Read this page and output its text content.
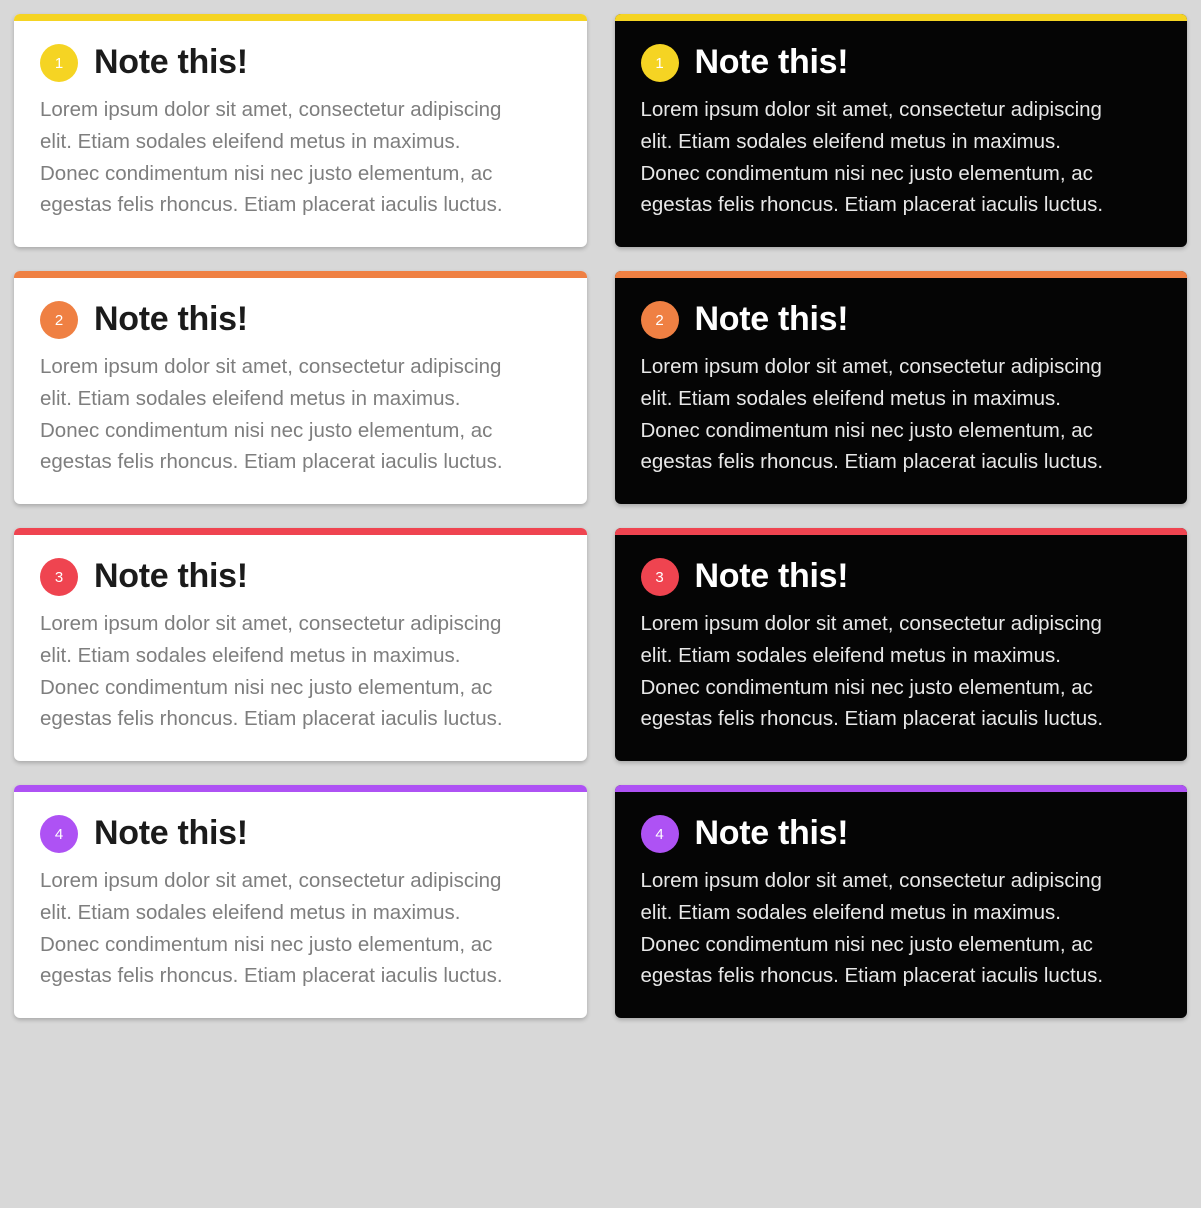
1 Note this!

Lorem ipsum dolor sit amet, consectetur adipiscing elit. Etiam sodales eleifend metus in maximus. Donec condimentum nisi nec justo elementum, ac egestas felis rhoncus. Etiam placerat iaculis luctus.

1 Note this!

Lorem ipsum dolor sit amet, consectetur adipiscing elit. Etiam sodales eleifend metus in maximus. Donec condimentum nisi nec justo elementum, ac egestas felis rhoncus. Etiam placerat iaculis luctus.

2 Note this!

Lorem ipsum dolor sit amet, consectetur adipiscing elit. Etiam sodales eleifend metus in maximus. Donec condimentum nisi nec justo elementum, ac egestas felis rhoncus. Etiam placerat iaculis luctus.

2 Note this!

Lorem ipsum dolor sit amet, consectetur adipiscing elit. Etiam sodales eleifend metus in maximus. Donec condimentum nisi nec justo elementum, ac egestas felis rhoncus. Etiam placerat iaculis luctus.

3 Note this!

Lorem ipsum dolor sit amet, consectetur adipiscing elit. Etiam sodales eleifend metus in maximus. Donec condimentum nisi nec justo elementum, ac egestas felis rhoncus. Etiam placerat iaculis luctus.

3 Note this!

Lorem ipsum dolor sit amet, consectetur adipiscing elit. Etiam sodales eleifend metus in maximus. Donec condimentum nisi nec justo elementum, ac egestas felis rhoncus. Etiam placerat iaculis luctus.

4 Note this!

Lorem ipsum dolor sit amet, consectetur adipiscing elit. Etiam sodales eleifend metus in maximus. Donec condimentum nisi nec justo elementum, ac egestas felis rhoncus. Etiam placerat iaculis luctus.

4 Note this!

Lorem ipsum dolor sit amet, consectetur adipiscing elit. Etiam sodales eleifend metus in maximus. Donec condimentum nisi nec justo elementum, ac egestas felis rhoncus. Etiam placerat iaculis luctus.
